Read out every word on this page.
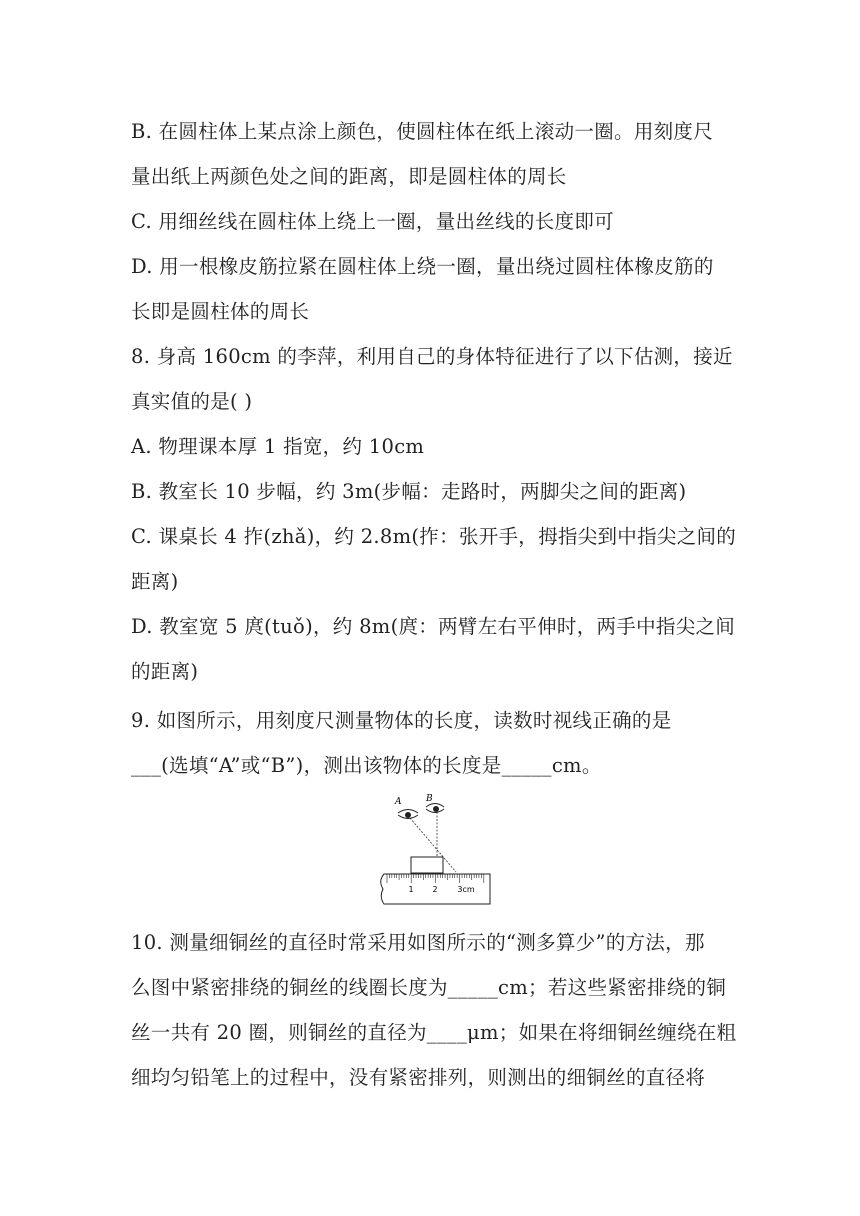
B. 在圆柱体上某点涂上颜色，使圆柱体在纸上滚动一圈。用刻度尺
量出纸上两颜色处之间的距离，即是圆柱体的周长
C. 用细丝线在圆柱体上绕上一圈，量出丝线的长度即可
D. 用一根橡皮筋拉紧在圆柱体上绕一圈，量出绕过圆柱体橡皮筋的
长即是圆柱体的周长
8. 身高 160cm 的李萍，利用自己的身体特征进行了以下估测，接近
真实值的是( )
A. 物理课本厚 1 指宽，约 10cm
B. 教室长 10 步幅，约 3m(步幅：走路时，两脚尖之间的距离)
C. 课桌长 4 拃(zhǎ)，约 2.8m(拃：张开手，拇指尖到中指尖之间的
距离)
D. 教室宽 5 庹(tuǒ)，约 8m(庹：两臂左右平伸时，两手中指尖之间
的距离)
9. 如图所示，用刻度尺测量物体的长度，读数时视线正确的是
___(选填“A”或“B”)，测出该物体的长度是_____cm。
A	B
1 2 3cm
10. 测量细铜丝的直径时常采用如图所示的“测多算少”的方法，那
么图中紧密排绕的铜丝的线圈长度为_____cm；若这些紧密排绕的铜
丝一共有 20 圈，则铜丝的直径为____μm；如果在将细铜丝缠绕在粗
细均匀铅笔上的过程中，没有紧密排列，则测出的细铜丝的直径将
